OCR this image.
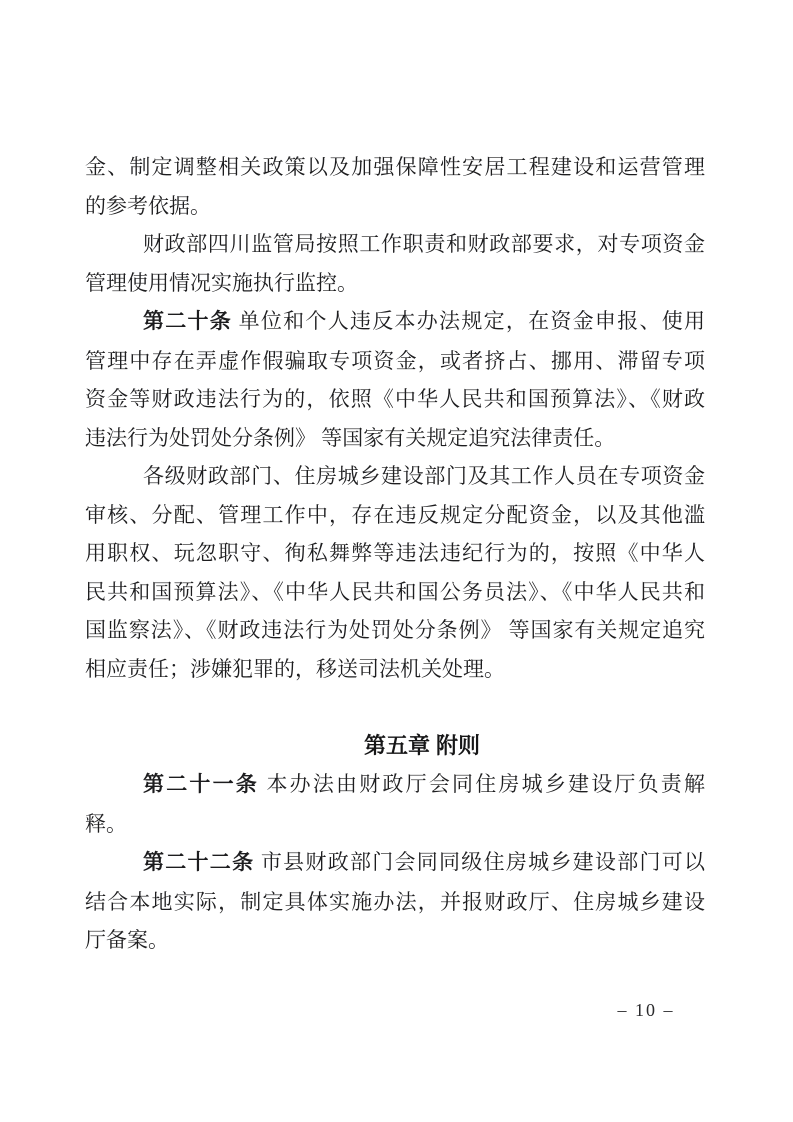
金、制定调整相关政策以及加强保障性安居工程建设和运营管理
的参考依据。
财政部四川监管局按照工作职责和财政部要求，对专项资金
管理使用情况实施执行监控。
第二十条 单位和个人违反本办法规定，在资金申报、使用
管理中存在弄虚作假骗取专项资金，或者挤占、挪用、滞留专项
资金等财政违法行为的，依照《中华人民共和国预算法》、《财政
违法行为处罚处分条例》 等国家有关规定追究法律责任。
各级财政部门、住房城乡建设部门及其工作人员在专项资金
审核、分配、管理工作中，存在违反规定分配资金，以及其他滥
用职权、玩忽职守、徇私舞弊等违法违纪行为的，按照《中华人
民共和国预算法》、《中华人民共和国公务员法》、《中华人民共和
国监察法》、《财政违法行为处罚处分条例》 等国家有关规定追究
相应责任；涉嫌犯罪的，移送司法机关处理。
第五章 附则
第二十一条 本办法由财政厅会同住房城乡建设厅负责解
释。
第二十二条 市县财政部门会同同级住房城乡建设部门可以
结合本地实际，制定具体实施办法，并报财政厅、住房城乡建设
厅备案。
– 10 –
